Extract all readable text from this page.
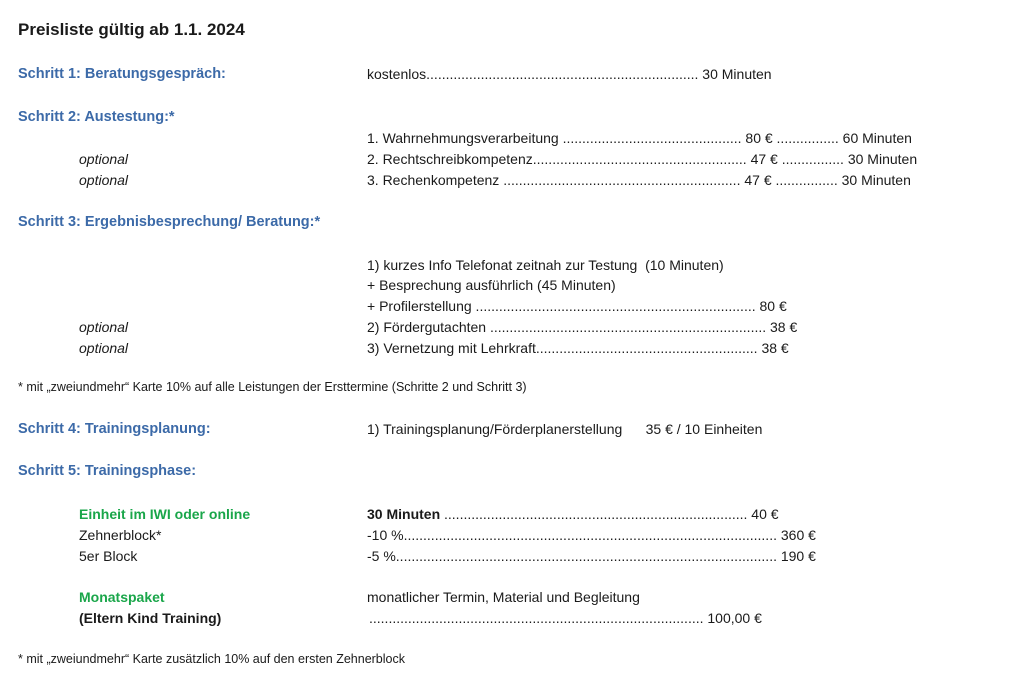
Preisliste gültig ab 1.1. 2024
Schritt 1: Beratungsgespräch:	kostenlos...................................................................... 30 Minuten
Schritt 2: Austestung:*
1. Wahrnehmungsverarbeitung .............................................. 80 € ................ 60 Minuten
optional	2. Rechtschreibkompetenz....................................................... 47 € ................ 30 Minuten
optional	3. Rechenkompetenz ............................................................. 47 € ................ 30 Minuten
Schritt 3: Ergebnisbesprechung/ Beratung:*
1) kurzes Info Telefonat zeitnah zur Testung  (10 Minuten)
+ Besprechung ausführlich (45 Minuten)
+ Profilerstellung ........................................................................ 80 €
optional	2) Fördergutachten ....................................................................... 38 €
optional	3) Vernetzung mit Lehrkraft......................................................... 38 €
* mit „zweiundmehr“ Karte 10% auf alle Leistungen der Ersttermine (Schritte 2 und Schritt 3)
Schritt 4: Trainingsplanung:	1) Trainingsplanung/Förderplanerstellung      35 € / 10 Einheiten
Schritt 5: Trainingsphase:
Einheit im IWI oder online	30 Minuten .............................................................................. 40 €
Zehnerblock*	-10 %................................................................................................ 360 €
5er Block	-5 %.................................................................................................. 190 €
Monatspaket	monatlicher Termin, Material und Begleitung
(Eltern Kind Training)	...................................................................................... 100,00 €
* mit „zweiundmehr“ Karte zusätzlich 10% auf den ersten Zehnerblock
